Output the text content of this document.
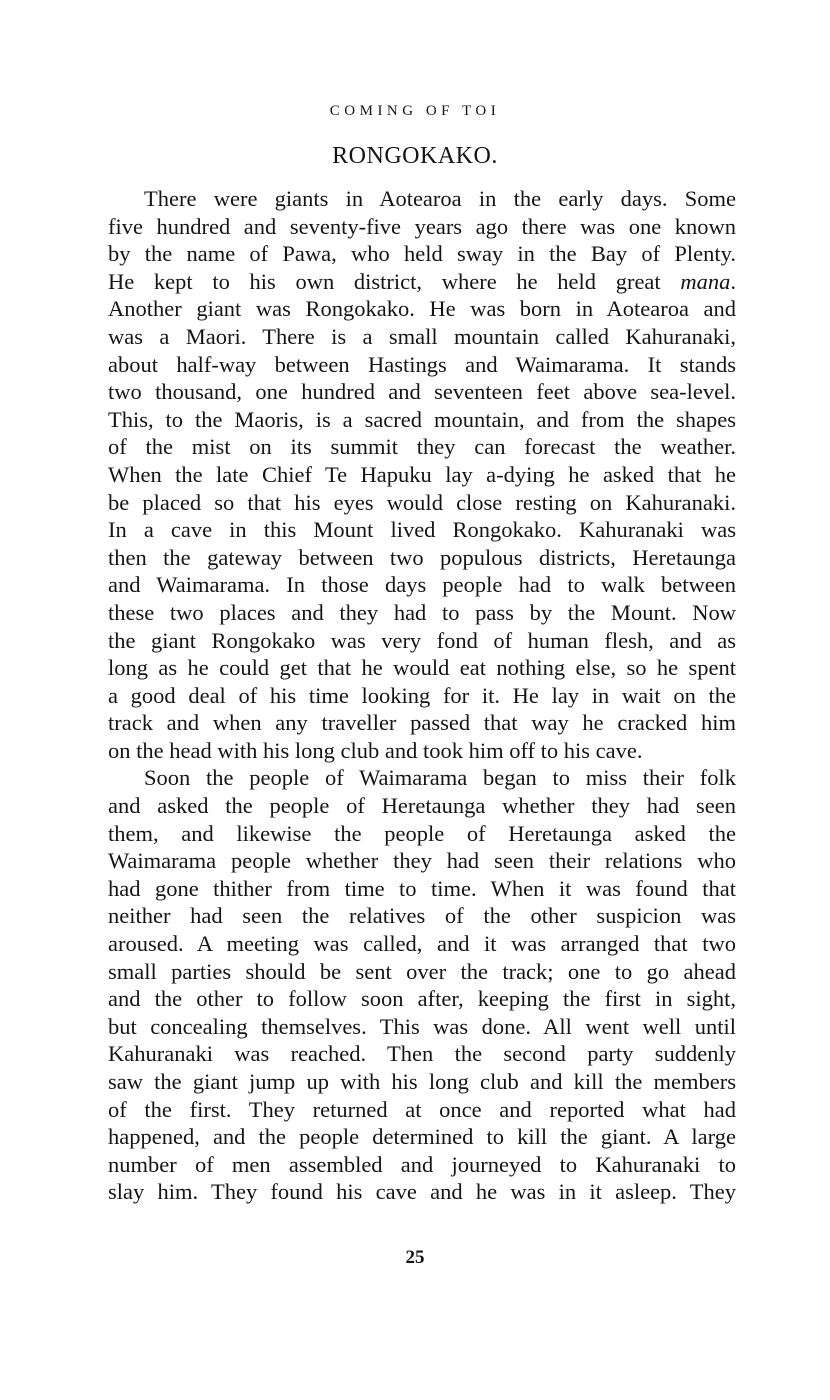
COMING OF TOI
RONGOKAKO.
There were giants in Aotearoa in the early days. Some
five hundred and seventy-five years ago there was one known
by the name of Pawa, who held sway in the Bay of Plenty.
He kept to his own district, where he held great mana.
Another giant was Rongokako. He was born in Aotearoa and
was a Maori. There is a small mountain called Kahuranaki,
about half-way between Hastings and Waimarama. It stands
two thousand, one hundred and seventeen feet above sea-level.
This, to the Maoris, is a sacred mountain, and from the shapes
of the mist on its summit they can forecast the weather.
When the late Chief Te Hapuku lay a-dying he asked that he
be placed so that his eyes would close resting on Kahuranaki.
In a cave in this Mount lived Rongokako. Kahuranaki was
then the gateway between two populous districts, Heretaunga
and Waimarama. In those days people had to walk between
these two places and they had to pass by the Mount. Now
the giant Rongokako was very fond of human flesh, and as
long as he could get that he would eat nothing else, so he spent
a good deal of his time looking for it. He lay in wait on the
track and when any traveller passed that way he cracked him
on the head with his long club and took him off to his cave.
Soon the people of Waimarama began to miss their folk
and asked the people of Heretaunga whether they had seen
them, and likewise the people of Heretaunga asked the
Waimarama people whether they had seen their relations who
had gone thither from time to time. When it was found that
neither had seen the relatives of the other suspicion was
aroused. A meeting was called, and it was arranged that two
small parties should be sent over the track; one to go ahead
and the other to follow soon after, keeping the first in sight,
but concealing themselves. This was done. All went well until
Kahuranaki was reached. Then the second party suddenly
saw the giant jump up with his long club and kill the members
of the first. They returned at once and reported what had
happened, and the people determined to kill the giant. A large
number of men assembled and journeyed to Kahuranaki to
slay him. They found his cave and he was in it asleep. They
25
